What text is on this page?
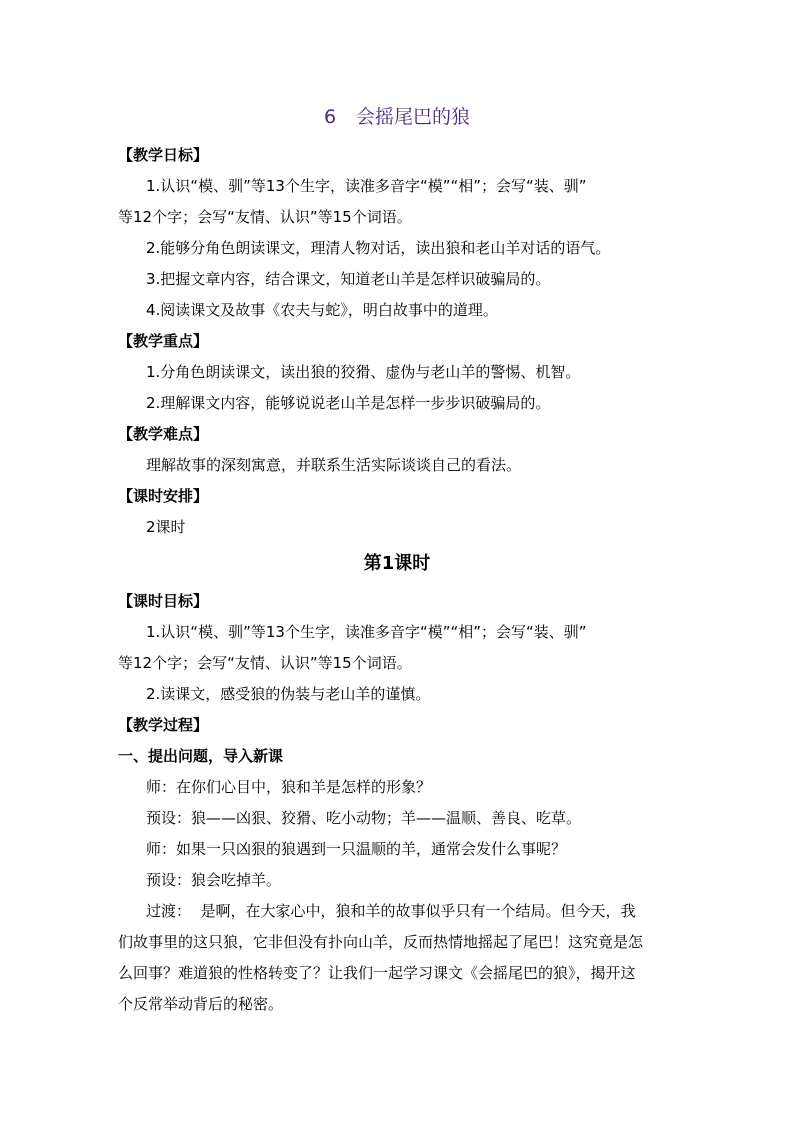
6 会摇尾巴的狼
【教学日标】
1.认识“模、驯”等13个生字，读准多音字“模”“相”；会写“装、驯”
等12个字；会写“友情、认识”等15个词语。
2.能够分角色朗读课文，理清人物对话，读出狼和老山羊对话的语气。
3.把握文章内容，结合课文，知道老山羊是怎样识破骗局的。
4.阅读课文及故事《农夫与蛇》，明白故事中的道理。
【教学重点】
1.分角色朗读课文，读出狼的狡猾、虚伪与老山羊的警惕、机智。
2.理解课文内容，能够说说老山羊是怎样一步步识破骗局的。
【教学难点】
理解故事的深刻寓意，并联系生活实际谈谈自己的看法。
【课时安排】
2课时
第1课时
【课时目标】
1.认识“模、驯”等13个生字，读准多音字“模”“相”；会写“装、驯”
等12个字；会写“友情、认识”等15个词语。
2.读课文，感受狼的伪装与老山羊的谨慎。
【教学过程】
一、提出问题，导入新课
师：在你们心目中，狼和羊是怎样的形象？
预设：狼——凶狠、狡猾、吃小动物；羊——温顺、善良、吃草。
师：如果一只凶狠的狼遇到一只温顺的羊，通常会发什么事呢？
预设：狼会吃掉羊。
过渡：  是啊，在大家心中，狼和羊的故事似乎只有一个结局。但今天，我
们故事里的这只狼，它非但没有扑向山羊，反而热情地摇起了尾巴！这究竟是怎
么回事？难道狼的性格转变了？让我们一起学习课文《会摇尾巴的狼》，揭开这
个反常举动背后的秘密。
